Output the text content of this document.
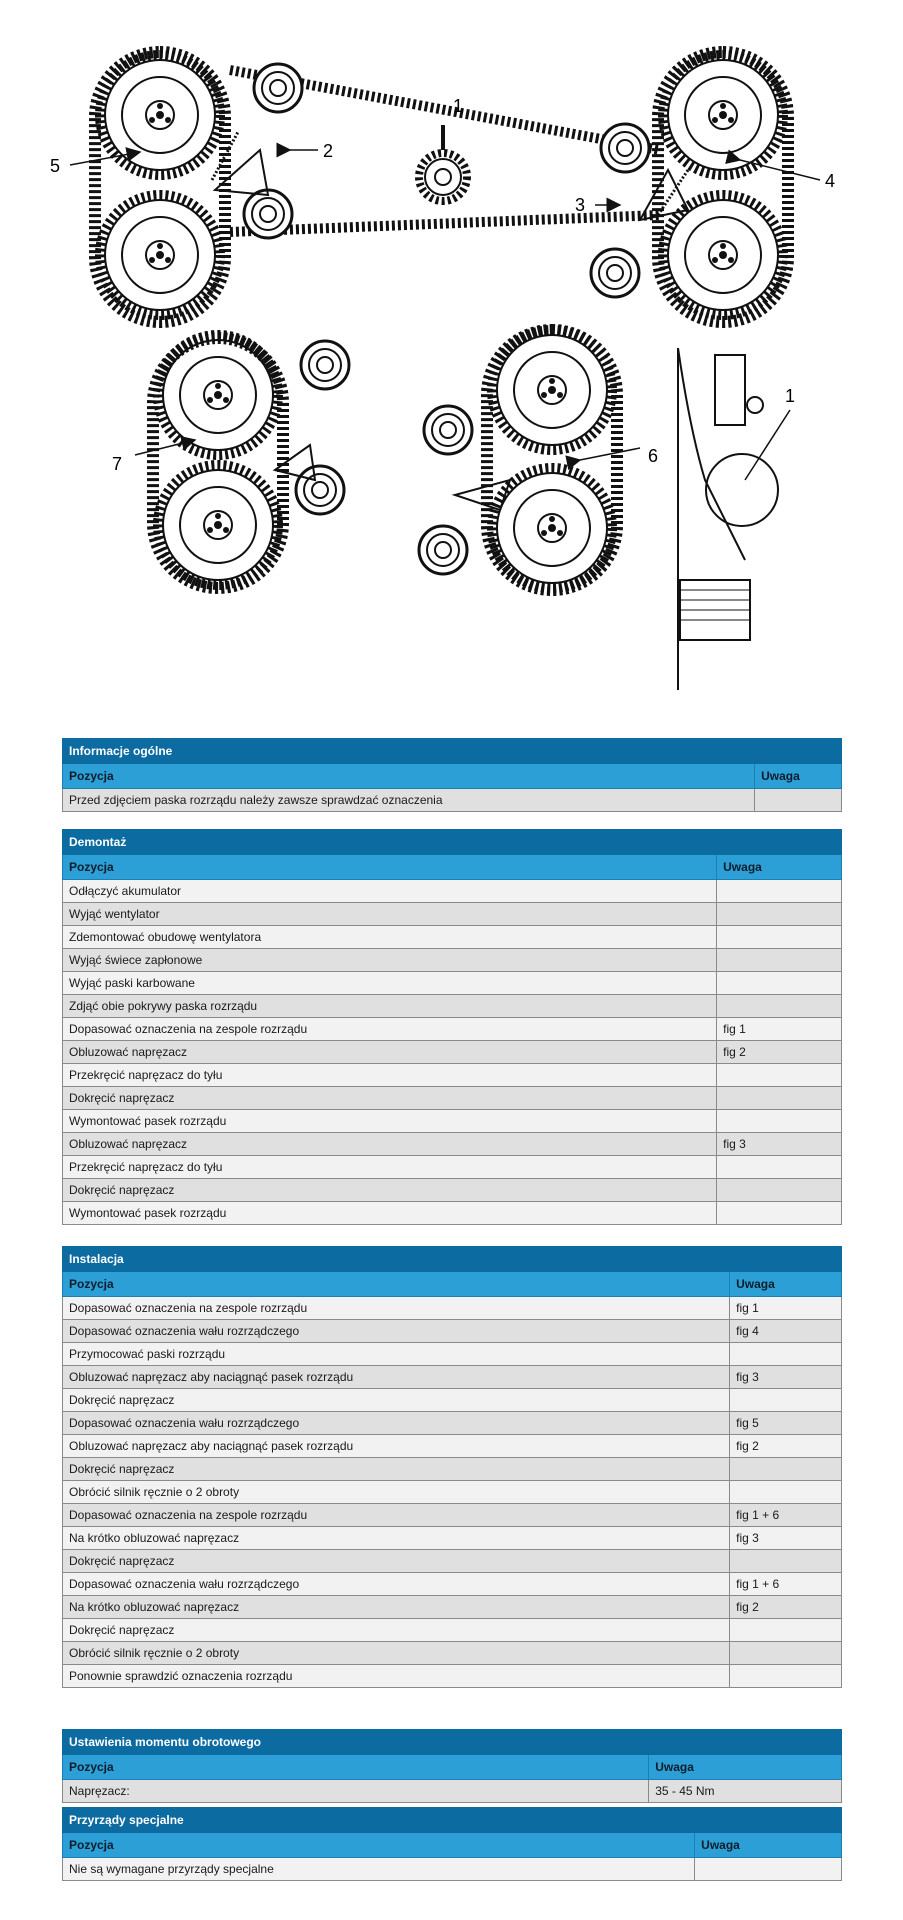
1
2
3
4
5
7	6
1
Informacje ogólne	
Pozycja	Uwaga
Przed zdjęciem paska rozrządu należy zawsze sprawdzać oznaczenia	
Demontaż	
Pozycja	Uwaga
Odłączyć akumulator	
Wyjąć wentylator	
Zdemontować obudowę wentylatora	
Wyjąć świece zapłonowe	
Wyjąć paski karbowane	
Zdjąć obie pokrywy paska rozrządu	
Dopasować oznaczenia na zespole rozrządu	fig 1
Obluzować napręzacz	fig 2
Przekręcić napręzacz do tyłu	
Dokręcić napręzacz	
Wymontować pasek rozrządu	
Obluzować napręzacz	fig 3
Przekręcić napręzacz do tyłu	
Dokręcić napręzacz	
Wymontować pasek rozrządu	
Instalacja	
Pozycja	Uwaga
Dopasować oznaczenia na zespole rozrządu	fig 1
Dopasować oznaczenia wału rozrządczego	fig 4
Przymocować paski rozrządu	
Obluzować napręzacz aby naciągnąć pasek rozrządu	fig 3
Dokręcić napręzacz	
Dopasować oznaczenia wału rozrządczego	fig 5
Obluzować napręzacz aby naciągnąć pasek rozrządu	fig 2
Dokręcić napręzacz	
Obrócić silnik ręcznie o 2 obroty	
Dopasować oznaczenia na zespole rozrządu	fig 1 + 6
Na krótko obluzować napręzacz	fig 3
Dokręcić napręzacz	
Dopasować oznaczenia wału rozrządczego	fig 1 + 6
Na krótko obluzować napręzacz	fig 2
Dokręcić napręzacz	
Obrócić silnik ręcznie o 2 obroty	
Ponownie sprawdzić oznaczenia rozrządu	
Ustawienia momentu obrotowego	
Pozycja	Uwaga
Napręzacz:	35 - 45 Nm
Przyrządy specjalne	
Pozycja	Uwaga
Nie są wymagane przyrządy specjalne	
